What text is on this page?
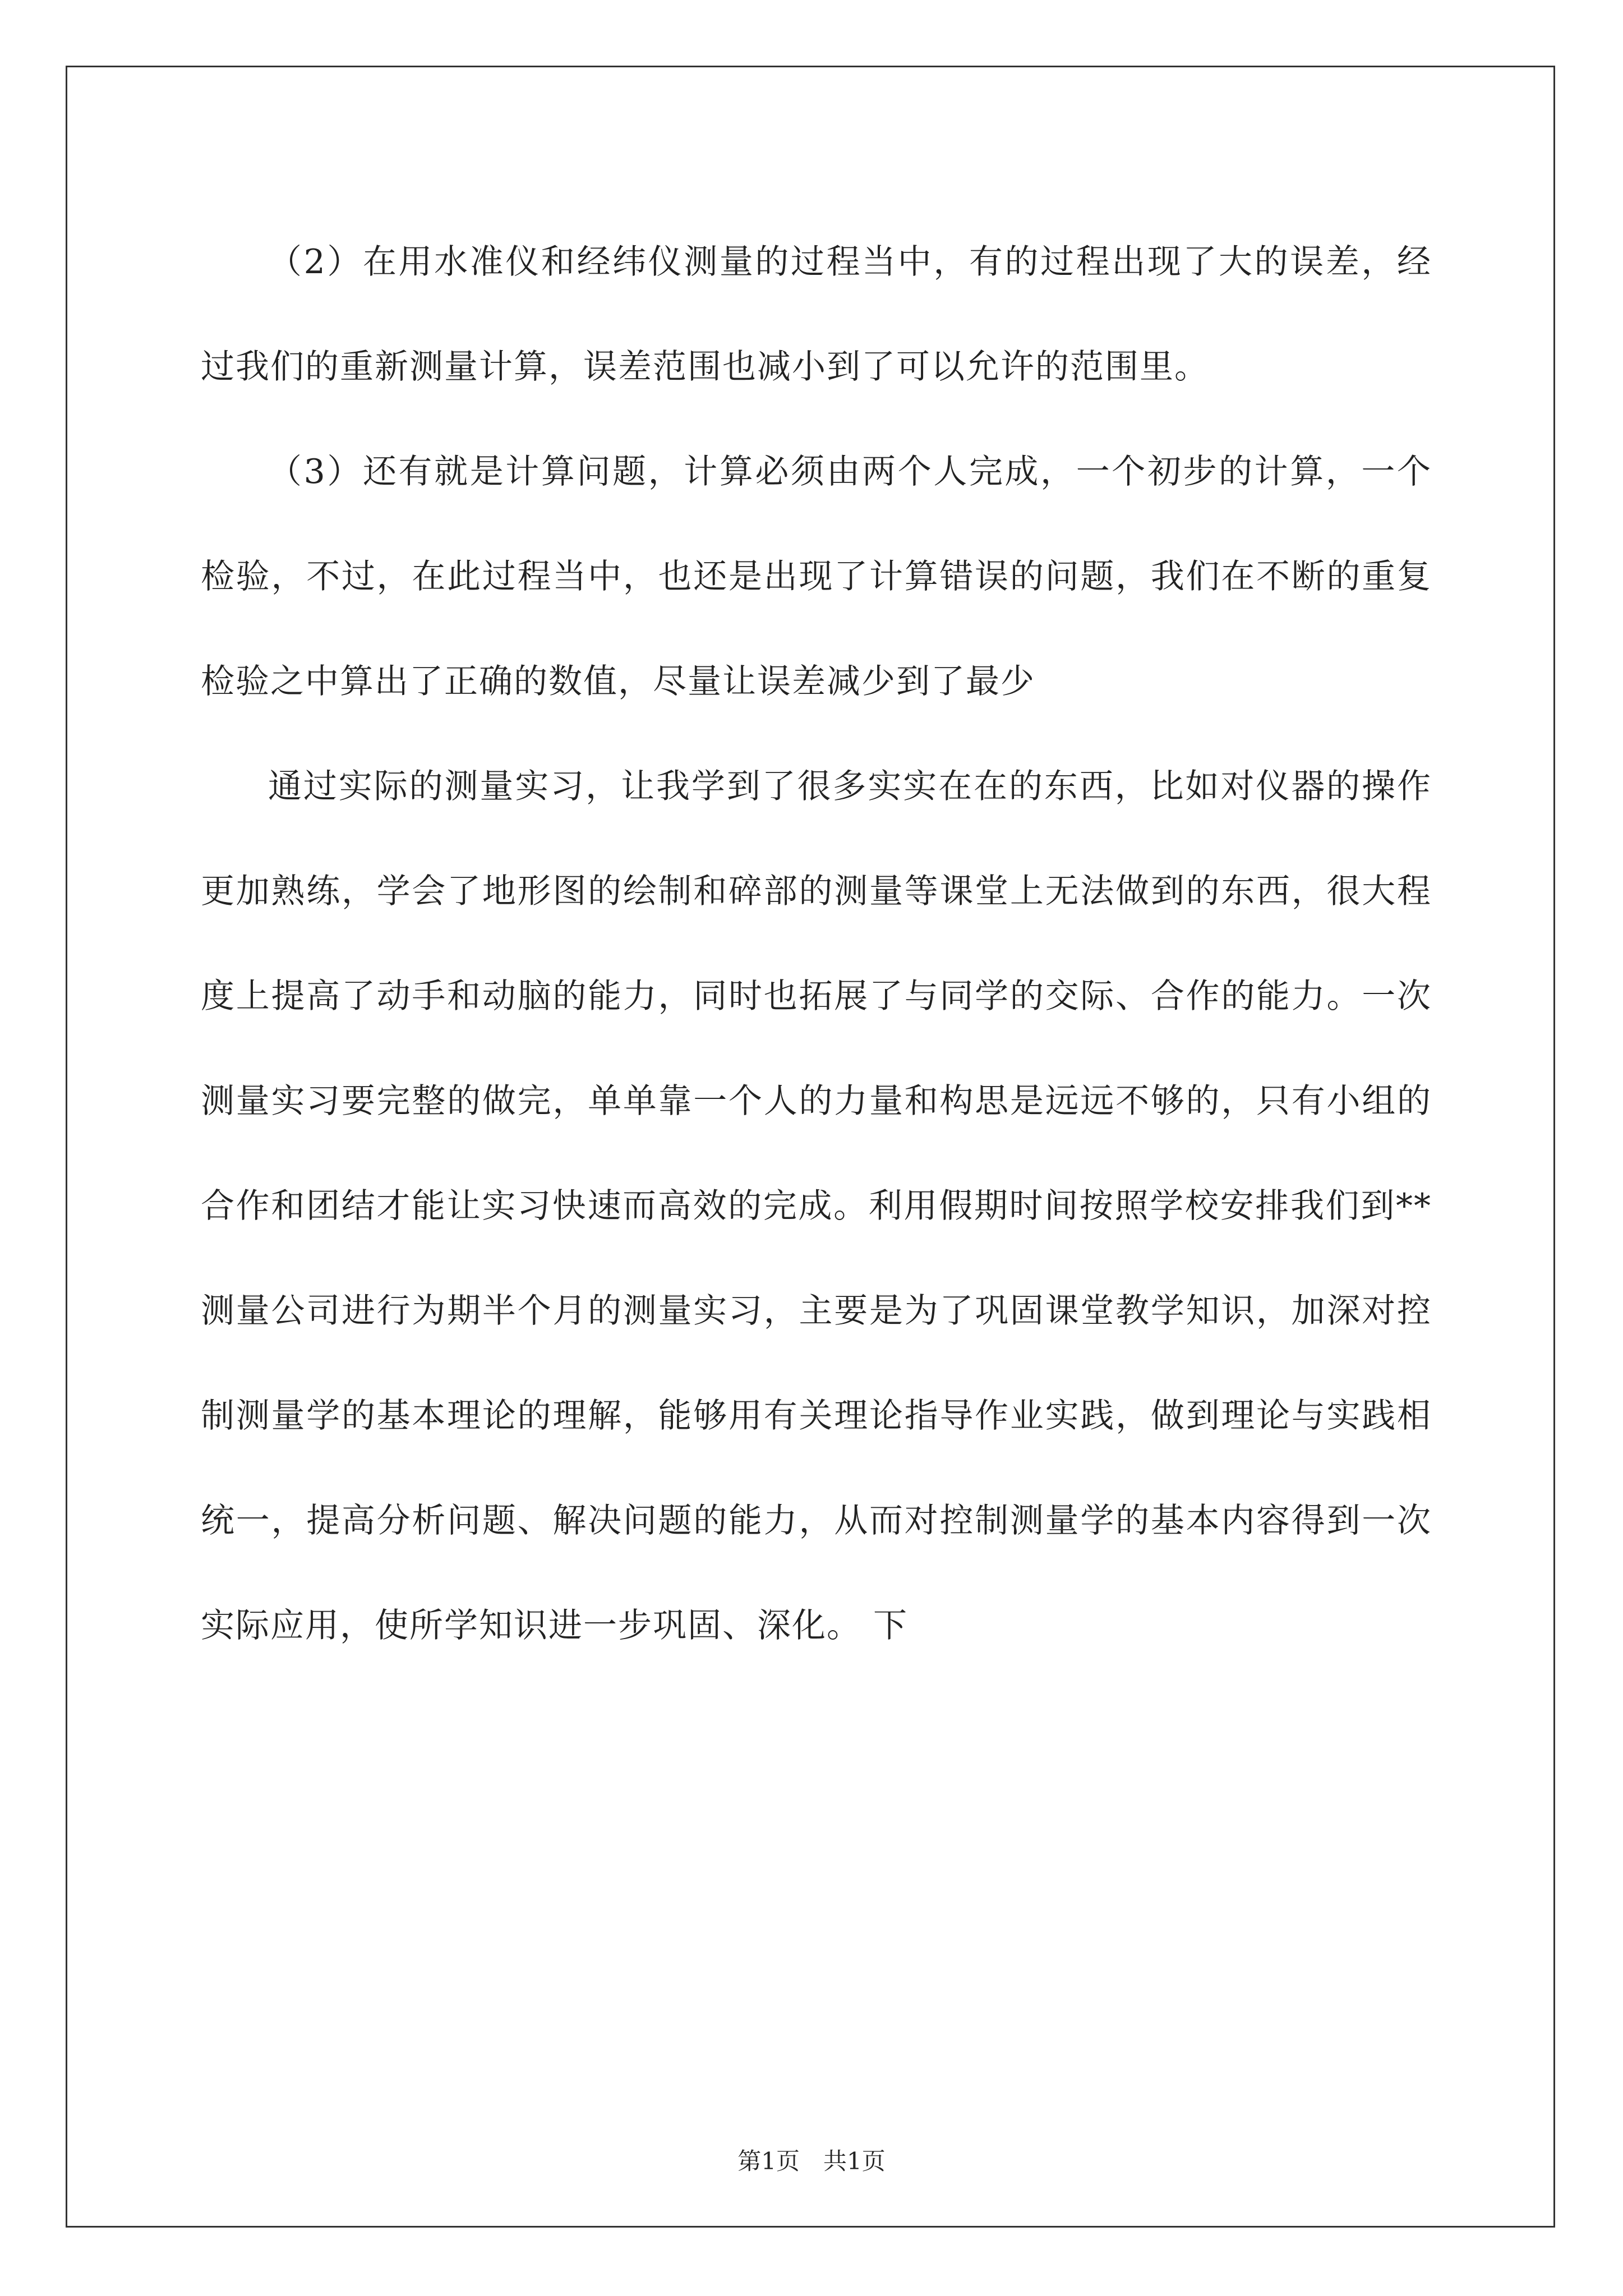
（2）在用水准仪和经纬仪测量的过程当中，有的过程出现了大的误差，经过我们的重新测量计算，误差范围也减小到了可以允许的范围里。

（3）还有就是计算问题，计算必须由两个人完成，一个初步的计算，一个检验，不过，在此过程当中，也还是出现了计算错误的问题，我们在不断的重复检验之中算出了正确的数值，尽量让误差减少到了最少

通过实际的测量实习，让我学到了很多实实在在的东西，比如对仪器的操作更加熟练，学会了地形图的绘制和碎部的测量等课堂上无法做到的东西，很大程度上提高了动手和动脑的能力，同时也拓展了与同学的交际、合作的能力。一次测量实习要完整的做完，单单靠一个人的力量和构思是远远不够的，只有小组的合作和团结才能让实习快速而高效的完成。利用假期时间按照学校安排我们到**测量公司进行为期半个月的测量实习，主要是为了巩固课堂教学知识，加深对控制测量学的基本理论的理解，能够用有关理论指导作业实践，做到理论与实践相统一，提高分析问题、解决问题的能力，从而对控制测量学的基本内容得到一次实际应用，使所学知识进一步巩固、深化。 下

第1页　共1页
